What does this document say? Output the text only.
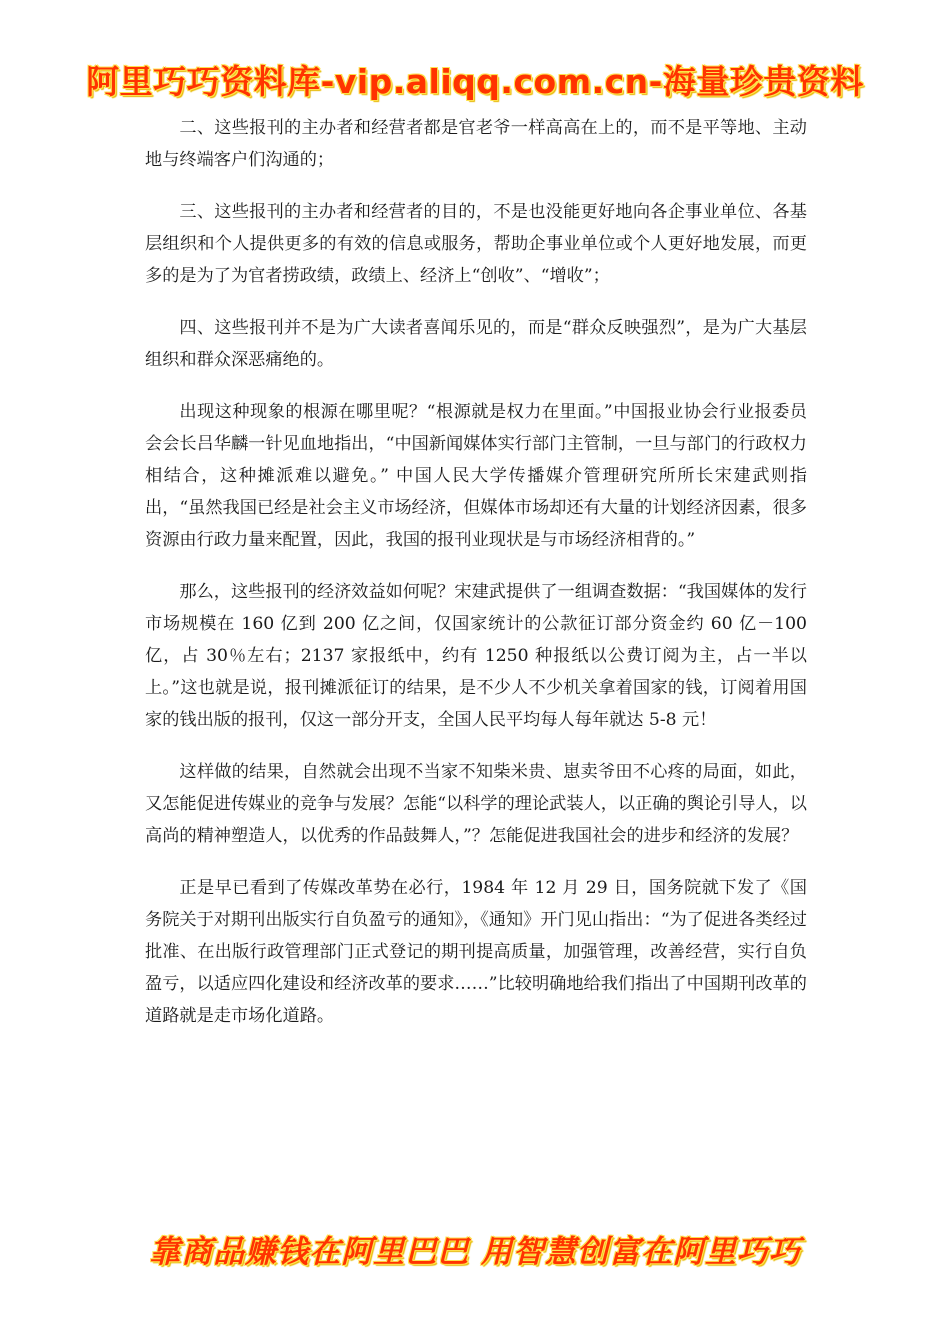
阿里巧巧资料库-vip.aliqq.com.cn-海量珍贵资料

二、这些报刊的主办者和经营者都是官老爷一样高高在上的，而不是平等地、主动地与终端客户们沟通的；

三、这些报刊的主办者和经营者的目的，不是也没能更好地向各企事业单位、各基层组织和个人提供更多的有效的信息或服务，帮助企事业单位或个人更好地发展，而更多的是为了为官者捞政绩，政绩上、经济上“创收”、“增收”；

四、这些报刊并不是为广大读者喜闻乐见的，而是“群众反映强烈”，是为广大基层组织和群众深恶痛绝的。

出现这种现象的根源在哪里呢？“根源就是权力在里面。”中国报业协会行业报委员会会长吕华麟一针见血地指出，“中国新闻媒体实行部门主管制，一旦与部门的行政权力相结合，这种摊派难以避免。” 中国人民大学传播媒介管理研究所所长宋建武则指出，“虽然我国已经是社会主义市场经济，但媒体市场却还有大量的计划经济因素，很多资源由行政力量来配置，因此，我国的报刊业现状是与市场经济相背的。”

那么，这些报刊的经济效益如何呢？宋建武提供了一组调查数据：“我国媒体的发行市场规模在 160 亿到 200 亿之间，仅国家统计的公款征订部分资金约 60 亿－100 亿，占 30％左右；2137 家报纸中，约有 1250 种报纸以公费订阅为主，占一半以上。”这也就是说，报刊摊派征订的结果，是不少人不少机关拿着国家的钱，订阅着用国家的钱出版的报刊，仅这一部分开支，全国人民平均每人每年就达 5-8 元！

这样做的结果，自然就会出现不当家不知柴米贵、崽卖爷田不心疼的局面，如此，又怎能促进传媒业的竞争与发展？怎能“以科学的理论武装人，以正确的舆论引导人，以高尚的精神塑造人，以优秀的作品鼓舞人，”？怎能促进我国社会的进步和经济的发展？

正是早已看到了传媒改革势在必行，1984 年 12 月 29 日，国务院就下发了《国务院关于对期刊出版实行自负盈亏的通知》，《通知》开门见山指出：“为了促进各类经过批准、在出版行政管理部门正式登记的期刊提高质量，加强管理，改善经营，实行自负盈亏，以适应四化建设和经济改革的要求……”比较明确地给我们指出了中国期刊改革的道路就是走市场化道路。

靠商品赚钱在阿里巴巴 用智慧创富在阿里巧巧
